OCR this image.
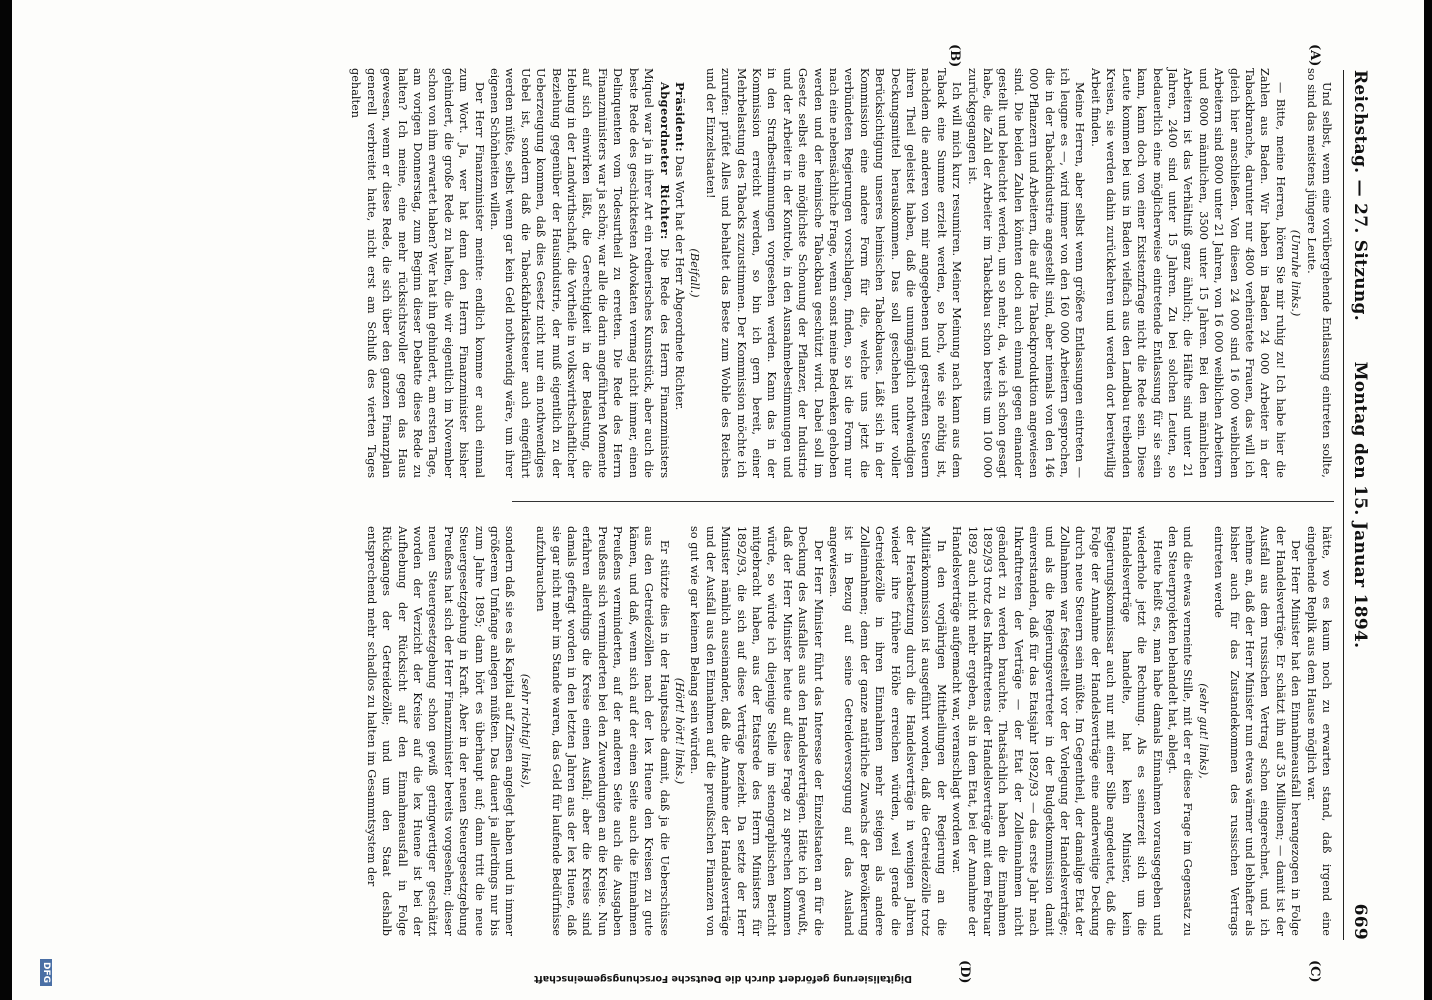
Reichstag. — 27. Sitzung.
Montag den 15. Januar 1894.
669
(A)
(B)
(C)
(D)

Und selbst, wenn eine vorübergehende Entlassung eintreten sollte, so sind das meistens jüngere Leute.

(Unruhe links.)

— Bitte, meine Herren, hören Sie mir ruhig zu! Ich habe hier die Zahlen aus Baden. Wir haben in Baden 24 000 Arbeiter in der Tabackbranche, darunter nur 4800 verheiratete Frauen, das will ich gleich hier anschließen. Von diesen 24 000 sind 16 000 weiblichen Arbeitern sind 8000 unter 21 Jahren, von 16 000 weiblichen Arbeitern und 8000 männlichen, 3500 unter 15 Jahren. Bei den männlichen Arbeitern ist das Verhältniß ganz ähnlich; die Hälfte sind unter 21 Jahren, 2400 sind unter 15 Jahren. Zu bei solchen Leuten, so bedauerlich eine möglicherweise eintretende Entlassung für sie sein kann, kann doch von einer Existenzfrage nicht die Rede sein. Diese Leute kommen bei uns in Baden vielfach aus den Landbau treibenden Kreisen, sie werden dahin zurückkehren und werden dort bereitwillig Arbeit finden.

Meine Herren, aber selbst wenn größere Entlassungen eintreten — ich leugne es —, wird immer von den 160 000 Arbeitern gesprochen, die in der Tabackindustrie angestellt sind, aber niemals von den 146 000 Pflanzern und Arbeitern, die auf die Tabackproduktion angewiesen sind. Die beiden Zahlen könnten doch auch einmal gegen einander gestellt und beleuchtet werden, um so mehr, da, wie ich schon gesagt habe, die Zahl der Arbeiter im Tabackbau schon bereits um 100 000 zurückgegangen ist.

Ich will mich kurz resumiren. Meiner Meinung nach kann aus dem Taback eine Summe erzielt werden, so hoch, wie sie nöthig ist, nachdem die anderen von mir angegebenen und gestreiften Steuern ihren Theil geleistet haben, daß die unumgänglich nothwendigen Deckungsmittel herauskommen. Das soll geschehen unter voller Berücksichtigung unseres heimischen Tabackbaues. Läßt sich in der Kommission eine andere Form für die, welche uns jetzt die verbündeten Regierungen vorschlagen, finden, so ist die Form nur nach eine nebensächliche Frage, wenn sonst meine Bedenken gehoben werden und der heimische Tabackbau geschützt wird. Dabei soll im Gesetz selbst eine möglichste Schonung der Pflanzer, der Industrie und der Arbeiter in der Kontrole, in den Ausnahmebestimmungen und in den Strafbestimmungen vorgesehen werden. Kann das in der Kommission erreicht werden, so bin ich gern bereit, einer Mehrbelastung des Tabacks zuzustimmen. Der Kommission möchte ich zurufen: prüfet Alles und behaltet das Beste zum Wohle des Reiches und der Einzelstaaten!

(Beifall.)

Präsident: Das Wort hat der Herr Abgeordnete Richter.

Abgeordneter Richter: Die Rede des Herrn Finanzministers Miquel war ja in ihrer Art ein rednerisches Kunststück, aber auch die beste Rede des geschicktesten Advokaten vermag nicht immer, einen Delinquenten vom Todesurtheil zu erretten. Die Rede des Herrn Finanzministers war ja schön; war alle die darin angeführten Momente auf sich einwirken läßt, die Gerechtigkeit in der Belastung, die Hebung in der Landwirthschaft, die Vortheile in volkswirthschaftlicher Beziehung gegenüber der Hausindustrie, der muß eigentlich zu der Ueberzeugung kommen, daß dies Gesetz nicht nur ein nothwendiges Uebel ist, sondern daß die Tabackfabrikatsteuer auch eingeführt werden müßte, selbst wenn gar kein Geld nothwendig wäre, um ihrer eigenen Schönheiten willen.

Der Herr Finanzminister meinte: endlich komme er auch einmal zum Wort. Ja, wer hat denn den Herrn Finanzminister bisher gehindert, die große Rede zu halten, die wir eigentlich im November schon von ihm erwartet haben? Wer hat ihn gehindert, am ersten Tage, am vorigen Donnerstag, zum Beginn dieser Debatte diese Rede zu halten? Ich meine, eine mehr rücksichtsvoller gegen das Haus gewesen, wenn er diese Rede, die sich über den ganzen Finanzplan generell verbreitet hatte, nicht erst am Schluß des vierten Tages gehalten

hätte, wo es kaum noch zu erwarten stand, daß irgend eine eingehende Replik aus dem Hause möglich war.

Der Herr Minister hat den Einnahmeausfall herangezogen in Folge der Handelsverträge. Er schätzt ihn auf 35 Millionen; — damit ist der Ausfall aus dem russischen Vertrag schon eingerechnet, und ich nehme an, daß der Herr Minister nun etwas wärmer und lebhafter als bisher auch für das Zustandekommen des russischen Vertrags eintreten werde

(sehr gut! links),

und die etwas verneinte Stille, mit der er diese Frage im Gegensatz zu den Steuerprojekten behandelt hat, ablegt.

Heute heißt es, man habe damals Einnahmen vorausgegeben und wiederhole jetzt die Rechnung. Als es seinerzeit sich um die Handelsverträge handelte, hat kein Minister, kein Regierungskommissar auch nur mit einer Silbe angedeutet, daß die Folge der Annahme der Handelsverträge eine anderweitige Deckung durch neue Steuern sein müßte. Im Gegentheil, der damalige Etat der Zollnahmen war festgestellt vor der Vorlegung der Handelsverträge; und als die Regierungsvertreter in der Budgetkommission damit einverstanden, daß für das Etatsjahr 1892/93 — das erste Jahr nach Inkrafttreten der Verträge — der Etat der Zolleinnahmen nicht geändert zu werden brauchte. Thatsächlich haben die Einnahmen 1892/93 trotz des Inkrafttretens der Handelsverträge mit dem Februar 1892 auch nicht mehr ergeben, als in dem Etat, bei der Annahme der Handelsverträge aufgemacht war, veranschlagt worden war.

In den vorjährigen Mittheilungen der Regierung an die Militärkommission ist ausgeführt worden, daß die Getreidezölle trotz der Herabsetzung durch die Handelsverträge in wenigen Jahren wieder ihre frühere Höhe erreichen würden, weil gerade die Getreidezölle in ihren Einnahmen mehr steigen als andere Zolleinnahmen; denn der ganze natürliche Zuwachs der Bevölkerung ist in Bezug auf seine Getreideversorgung auf das Ausland angewiesen.

Der Herr Minister führt das Interesse der Einzelstaaten an für die Deckung des Ausfalles aus den Handelsverträgen. Hätte ich gewußt, daß der Herr Minister heute auf diese Frage zu sprechen kommen würde, so würde ich diejenige Stelle im stenographischen Bericht mitgebracht haben, aus der Etatsrede des Herrn Ministers für 1892/93, die sich auf diese Verträge bezieht. Da setzte der Herr Minister nämlich auseinander, daß die Annahme der Handelsverträge und der Ausfall aus den Einnahmen auf die preußischen Finanzen von so gut wie gar keinem Belang sein würden.

(Hört! hört! links.)

Er stützte dies in der Hauptsache damit, daß ja die Ueberschüsse aus den Getreidezöllen nach der lex Huene den Kreisen zu gute kämen, und daß, wenn sich auf der einen Seite auch die Einnahmen Preußens verminderten, auf der anderen Seite auch die Ausgaben Preußens sich verminderten bei den Zuwendungen an die Kreise. Nun erfahren allerdings die Kreise einen Ausfall; aber die Kreise sind damals gefragt worden in den letzten Jahren aus der lex Huene, daß sie gar nicht mehr im Stande waren, das Geld für laufende Bedürfnisse aufzubrauchen

(sehr richtig! links),

sondern daß sie es als Kapital auf Zinsen angelegt haben und in immer größerem Umfange anlegen müßten. Das dauert ja allerdings nur bis zum Jahre 1895; dann hört es überhaupt auf; dann tritt die neue Steuergesetzgebung in Kraft. Aber in der neuen Steuergesetzgebung Preußens hat sich der Herr Finanzminister bereits vorgesehen; dieser neuen Steuergesetzgebung schon gewiß geringwertiger geschätzt worden der Verzicht der Kreise auf die lex Huene ist bei der Aufhebung der Rücksicht auf den Einnahmeausfall in Folge Rückganges der Getreidezölle; und um den Staat deshalb entsprechend mehr schadlos zu halten im Gesammtsystem der

Digitalisierung gefördert durch die Deutsche Forschungsgemeinschaft
DFG
